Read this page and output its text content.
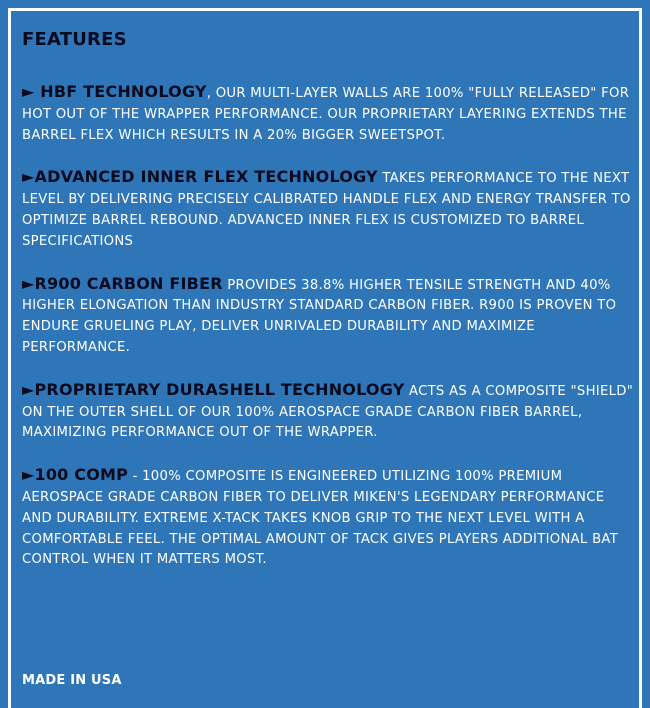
FEATURES

► HBF TECHNOLOGY, OUR MULTI-LAYER WALLS ARE 100% "FULLY RELEASED" FOR HOT OUT OF THE WRAPPER PERFORMANCE. OUR PROPRIETARY LAYERING EXTENDS THE BARREL FLEX WHICH RESULTS IN A 20% BIGGER SWEETSPOT.

►ADVANCED INNER FLEX TECHNOLOGY TAKES PERFORMANCE TO THE NEXT LEVEL BY DELIVERING PRECISELY CALIBRATED HANDLE FLEX AND ENERGY TRANSFER TO OPTIMIZE BARREL REBOUND. ADVANCED INNER FLEX IS CUSTOMIZED TO BARREL SPECIFICATIONS

►R900 CARBON FIBER PROVIDES 38.8% HIGHER TENSILE STRENGTH AND 40% HIGHER ELONGATION THAN INDUSTRY STANDARD CARBON FIBER. R900 IS PROVEN TO ENDURE GRUELING PLAY, DELIVER UNRIVALED DURABILITY AND MAXIMIZE PERFORMANCE.

►PROPRIETARY DURASHELL TECHNOLOGY ACTS AS A COMPOSITE "SHIELD" ON THE OUTER SHELL OF OUR 100% AEROSPACE GRADE CARBON FIBER BARREL, MAXIMIZING PERFORMANCE OUT OF THE WRAPPER.

►100 COMP - 100% COMPOSITE IS ENGINEERED UTILIZING 100% PREMIUM AEROSPACE GRADE CARBON FIBER TO DELIVER MIKEN'S LEGENDARY PERFORMANCE AND DURABILITY. EXTREME X-TACK TAKES KNOB GRIP TO THE NEXT LEVEL WITH A COMFORTABLE FEEL. THE OPTIMAL AMOUNT OF TACK GIVES PLAYERS ADDITIONAL BAT CONTROL WHEN IT MATTERS MOST.

MADE IN USA
